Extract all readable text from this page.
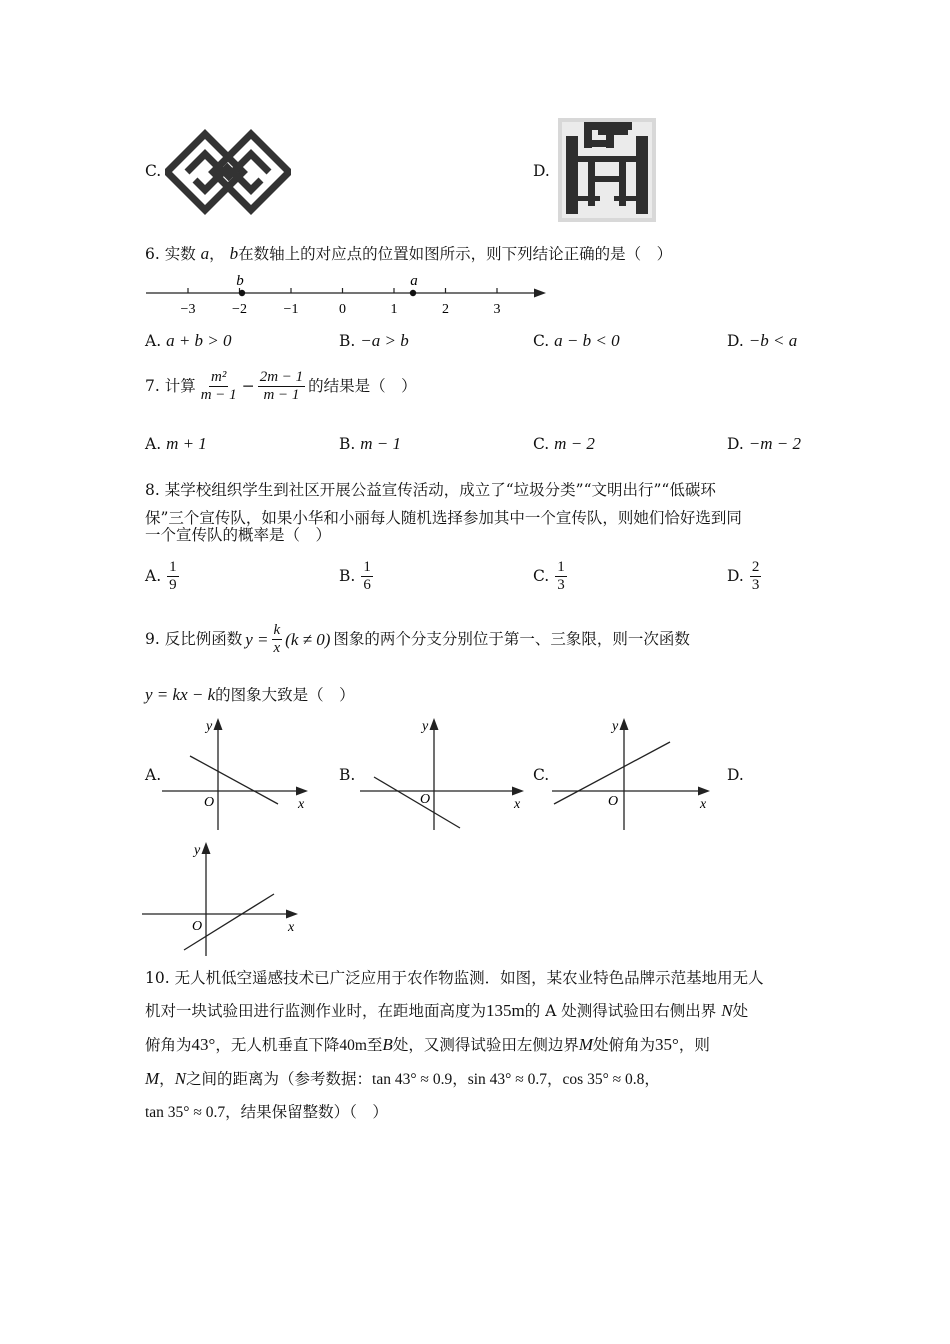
C.	D.
6. 实数 a， b在数轴上的对应点的位置如图所示，则下列结论正确的是（　）
−3	−2	−1	0	1	2	3
b	a
A. a + b > 0	B. −a > b	C. a − b < 0	D. −b < a
7. 计算 $\frac{\text{m²}}{m - 1} - \frac{2m - 1}{m - 1}$ 的结果是（　）
A. m + 1	B. m − 1	C. m − 2	D. −m − 2
8. 某学校组织学生到社区开展公益宣传活动，成立了“垃圾分类”“文明出行”“低碳环
保”三个宣传队，如果小华和小丽每人随机选择参加其中一个宣传队，则她们恰好选到同
一个宣传队的概率是（　）
A. $\frac{1}{9}$	B. $\frac{1}{6}$	C. $\frac{1}{3}$	D. $\frac{2}{3}$
9. 反比例函数 $y = \frac{k}{x} (k \ne 0)$ 图象的两个分支分别位于第一、三象限，则一次函数
y = kx − k的图象大致是（　）
A.	B.	C.	D.
y
x
O
y
x
O
y
x
O
y
x
O
10. 无人机低空遥感技术已广泛应用于农作物监测．如图，某农业特色品牌示范基地用无人
机对一块试验田进行监测作业时，在距地面高度为135m的 A 处测得试验田右侧出界 N处
俯角为43°，无人机垂直下降40m至B处，又测得试验田左侧边界M处俯角为35°，则
M，N之间的距离为（参考数据：tan 43° ≈ 0.9，sin 43° ≈ 0.7，cos 35° ≈ 0.8，
tan 35° ≈ 0.7，结果保留整数）（　）
